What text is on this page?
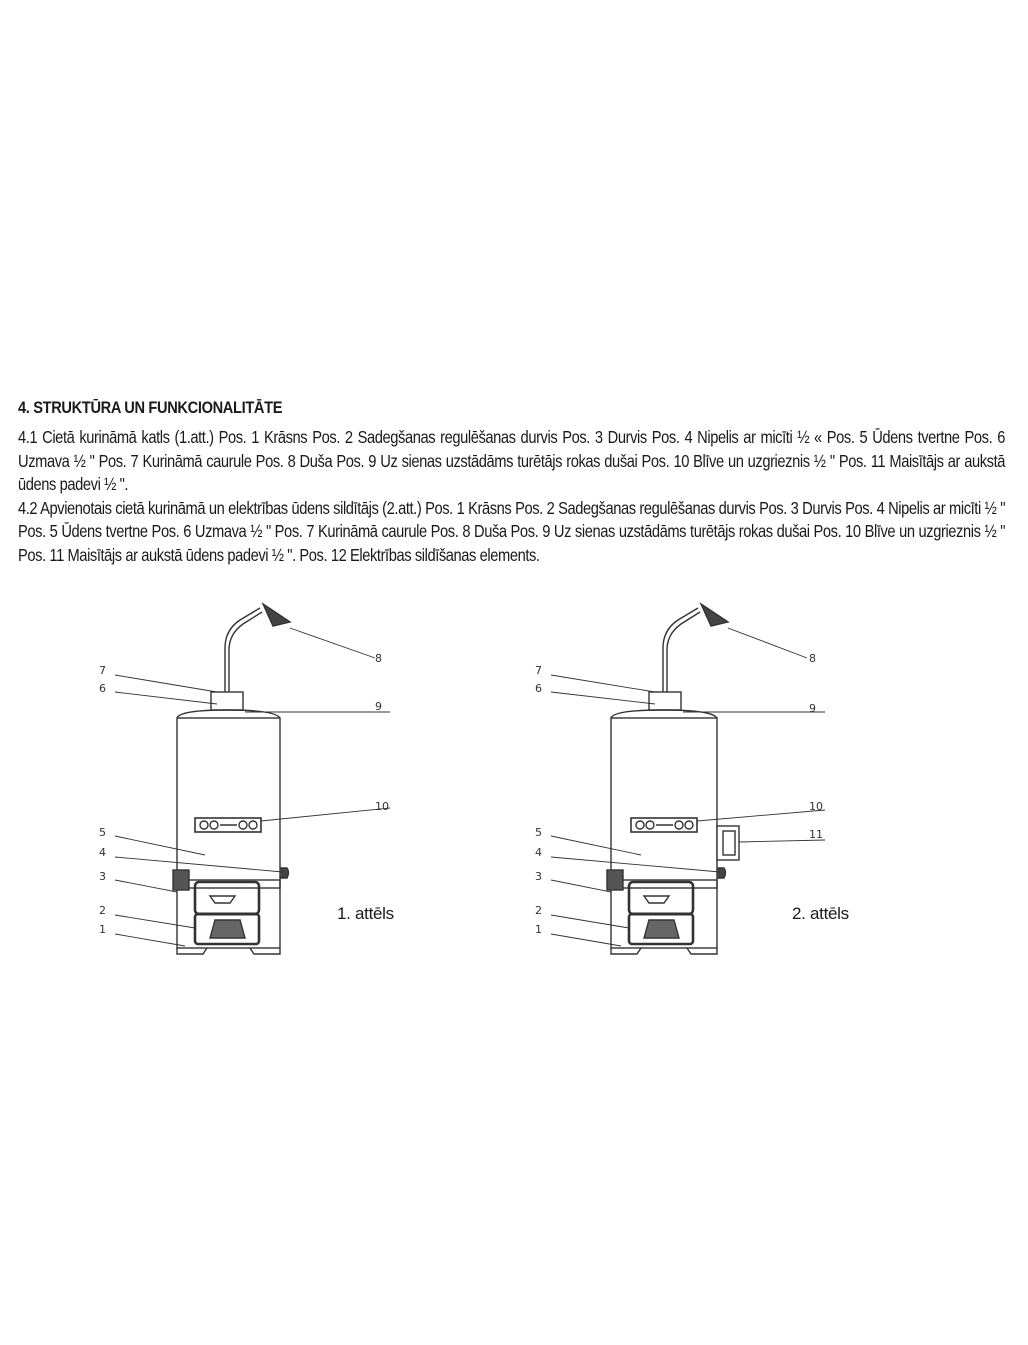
4. STRUKTŪRA UN FUNKCIONALITĀTE

4.1 Cietā kurināmā katls (1.att.) Pos. 1 Krāsns Pos. 2 Sadegšanas regulēšanas durvis Pos. 3 Durvis Pos. 4 Nipelis ar micīti ½ « Pos. 5 Ūdens tvertne Pos. 6 Uzmava ½ " Pos. 7 Kurināmā caurule Pos. 8 Duša Pos. 9 Uz sienas uzstādāms turētājs rokas dušai Pos. 10 Blīve un uzgrieznis ½ " Pos. 11 Maisītājs ar aukstā ūdens padevi ½ ".

4.2 Apvienotais cietā kurināmā un elektrības ūdens sildītājs (2.att.) Pos. 1 Krāsns Pos. 2 Sadegšanas regulēšanas durvis Pos. 3 Durvis Pos. 4 Nipelis ar micīti ½ " Pos. 5 Ūdens tvertne Pos. 6 Uzmava ½ " Pos. 7 Kurināmā caurule Pos. 8 Duša Pos. 9 Uz sienas uzstādāms turētājs rokas dušai Pos. 10 Blīve un uzgrieznis ½ " Pos. 11 Maisītājs ar aukstā ūdens padevi ½ ". Pos. 12 Elektrības sildīšanas elements.

7
6
8
9
10
5
4
3
2
1
1. attēls
7
6
8
9
10
11
5
4
3
2
1
2. attēls
